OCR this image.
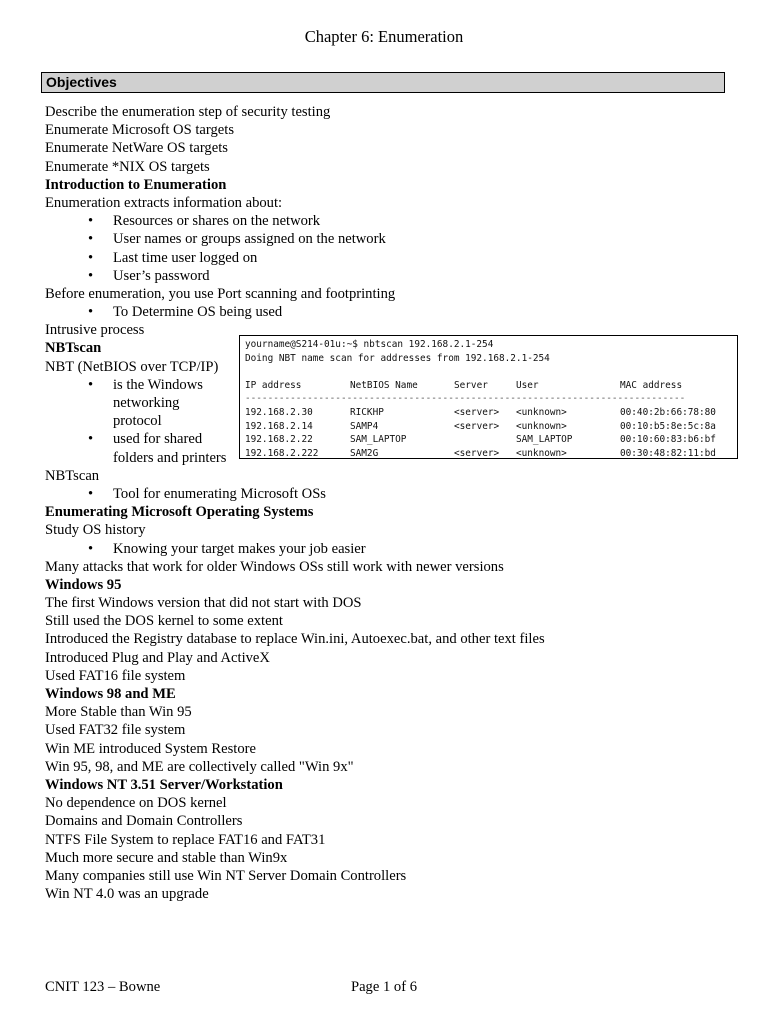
Chapter 6: Enumeration
Objectives
Describe the enumeration step of security testing
Enumerate Microsoft OS targets
Enumerate NetWare OS targets
Enumerate *NIX OS targets
Introduction to Enumeration
Enumeration extracts information about:
• Resources or shares on the network
• User names or groups assigned on the network
• Last time user logged on
• User’s password
Before enumeration, you use Port scanning and footprinting
• To Determine OS being used
Intrusive process
NBTscan
NBT (NetBIOS over TCP/IP)
• is the Windows
networking
protocol
• used for shared
folders and printers
NBTscan
• Tool for enumerating Microsoft OSs
Enumerating Microsoft Operating Systems
Study OS history
• Knowing your target makes your job easier
Many attacks that work for older Windows OSs still work with newer versions
Windows 95
The first Windows version that did not start with DOS
Still used the DOS kernel to some extent
Introduced the Registry database to replace Win.ini, Autoexec.bat, and other text files
Introduced Plug and Play and ActiveX
Used FAT16 file system
Windows 98 and ME
More Stable than Win 95
Used FAT32 file system
Win ME introduced System Restore
Win 95, 98, and ME are collectively called "Win 9x"
Windows NT 3.51 Server/Workstation
No dependence on DOS kernel
Domains and Domain Controllers
NTFS File System to replace FAT16 and FAT31
Much more secure and stable than Win9x
Many companies still use Win NT Server Domain Controllers
Win NT 4.0 was an upgrade
yourname@S214-01u:~$ nbtscan 192.168.2.1-254
Doing NBT name scan for addresses from 192.168.2.1-254

IP address	NetBIOS Name	Server	User	MAC address
------------------------------------------------------------------------------
192.168.2.30	RICKHP	<server>	<unknown>	00:40:2b:66:78:80
192.168.2.14	SAMP4	<server>	<unknown>	00:10:b5:8e:5c:8a
192.168.2.22	SAM_LAPTOP		SAM_LAPTOP	00:10:60:83:b6:bf
192.168.2.222	SAM2G	<server>	<unknown>	00:30:48:82:11:bd
Page 1 of 6
CNIT 123 – Bowne
